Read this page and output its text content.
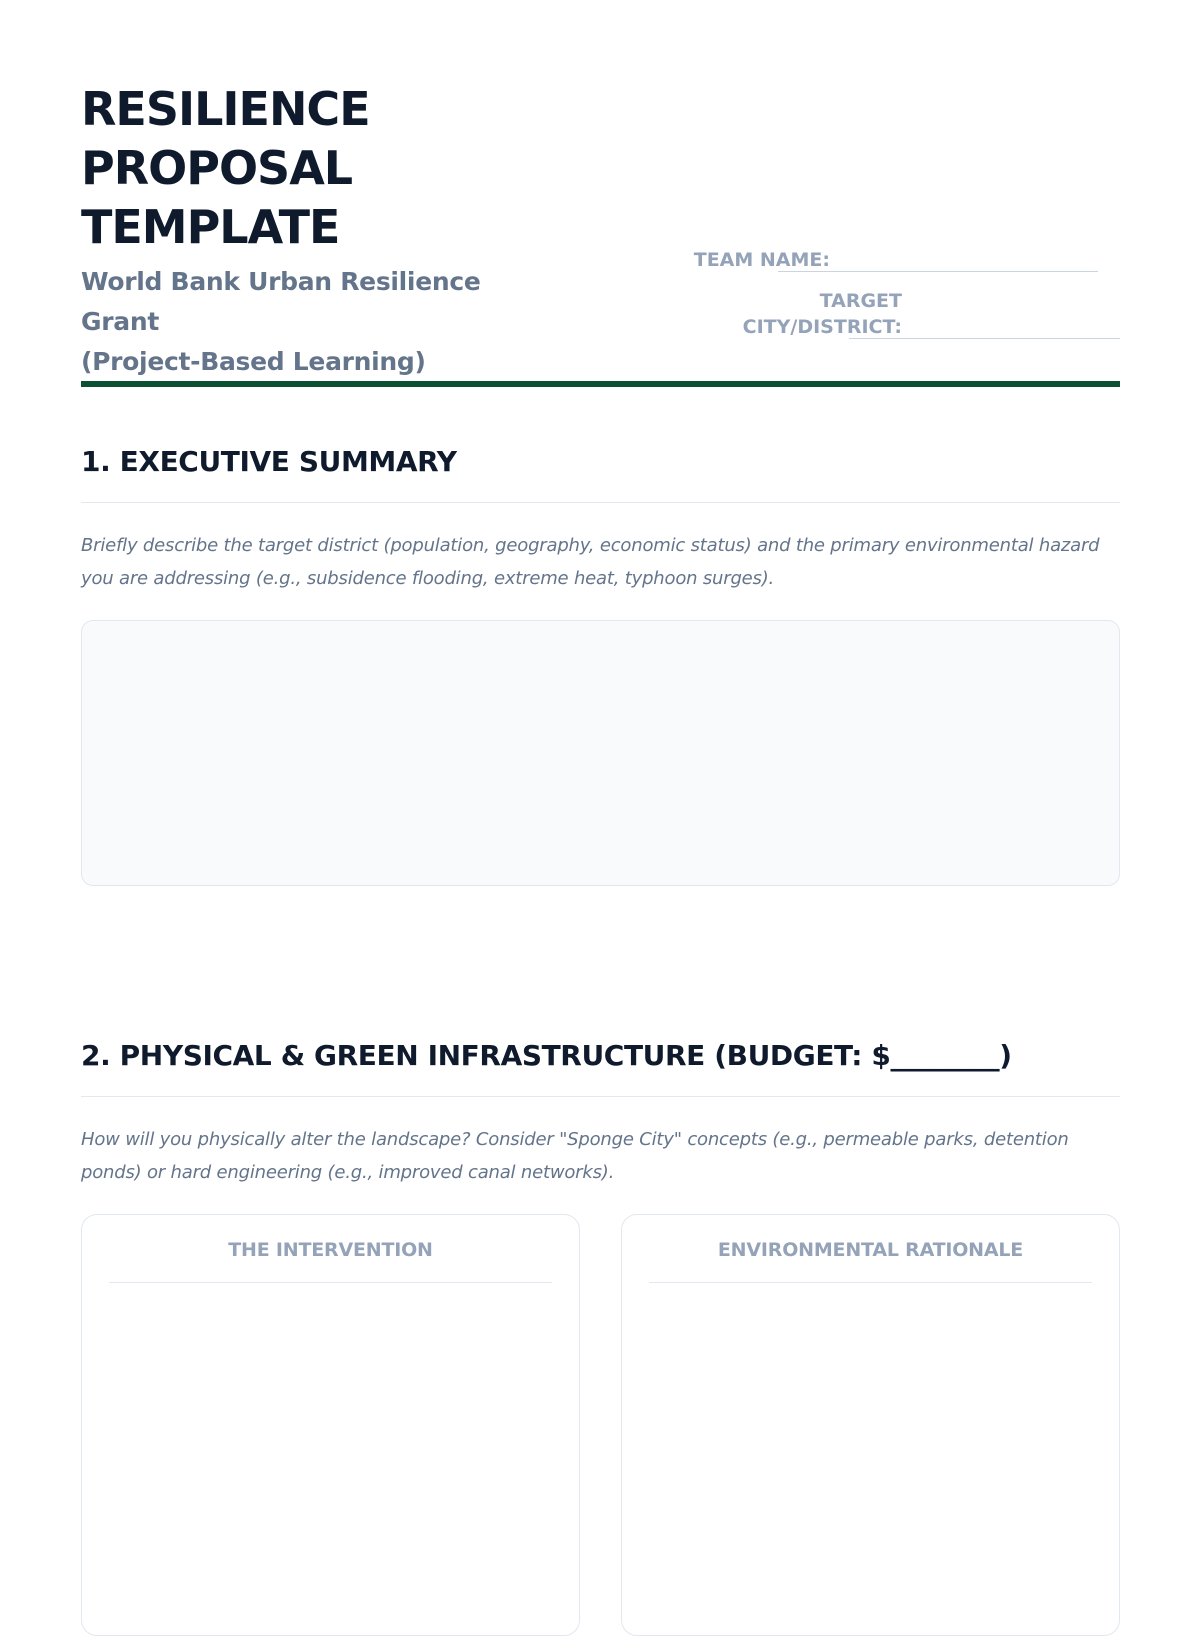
RESILIENCE
PROPOSAL
TEMPLATE
World Bank Urban Resilience Grant
(Project-Based Learning)
TEAM NAME:
TARGET
CITY/DISTRICT:
1. EXECUTIVE SUMMARY

Briefly describe the target district (population, geography, economic status) and the primary environmental hazard you are addressing (e.g., subsidence flooding, extreme heat, typhoon surges).

2. PHYSICAL & GREEN INFRASTRUCTURE (BUDGET: $________)

How will you physically alter the landscape? Consider "Sponge City" concepts (e.g., permeable parks, detention ponds) or hard engineering (e.g., improved canal networks).

THE INTERVENTION	ENVIRONMENTAL RATIONALE
